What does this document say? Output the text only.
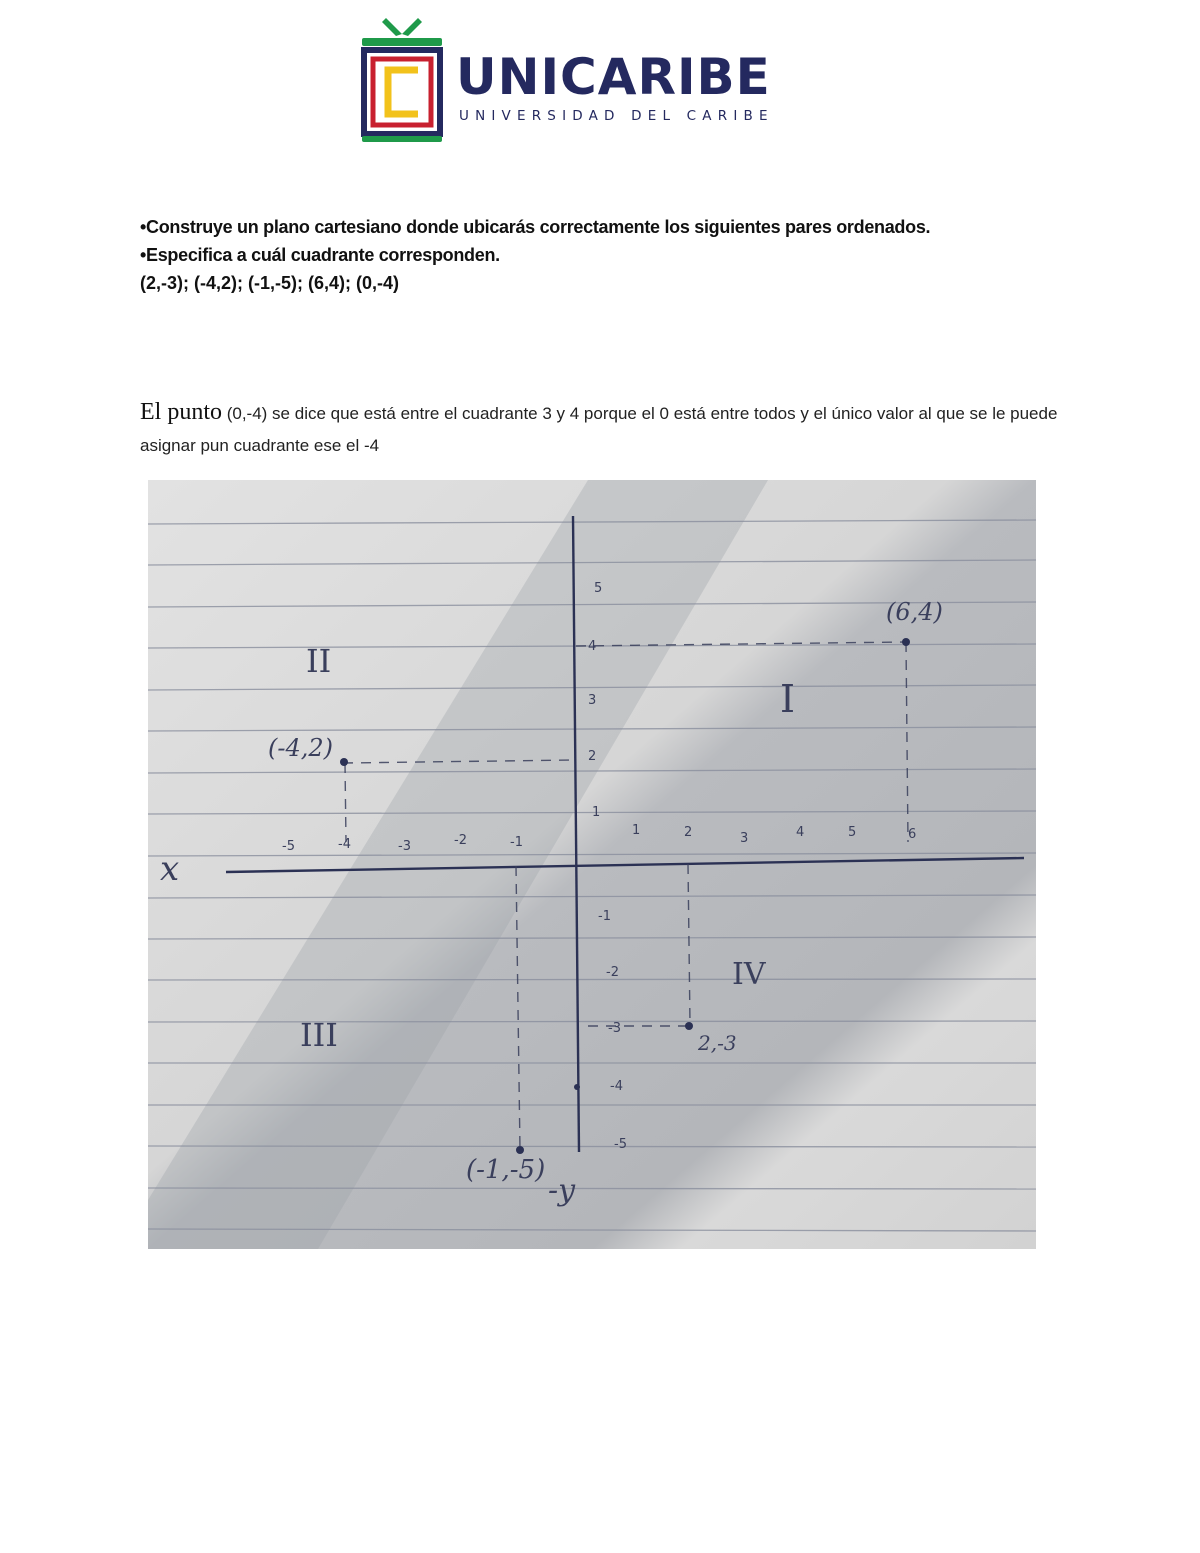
UNICARIBE
UNIVERSIDAD DEL CARIBE
•Construye un plano cartesiano donde ubicarás correctamente los siguientes pares ordenados.
•Especifica a cuál cuadrante corresponden.
(2,-3); (-4,2); (-1,-5); (6,4); (0,-4)
El punto (0,-4) se dice que está entre el cuadrante 3 y 4 porque el 0 está entre todos y el único valor al que se le puede asignar pun cuadrante ese el -4
x
-y
I
II
III
IV
(6,4)
(-4,2)
2,-3
(-1,-5)
-5	-4	-3	-2	-1
1	2	3	4	5	6
5
4
3
2
1
-1
-2
-3
-4
-5
